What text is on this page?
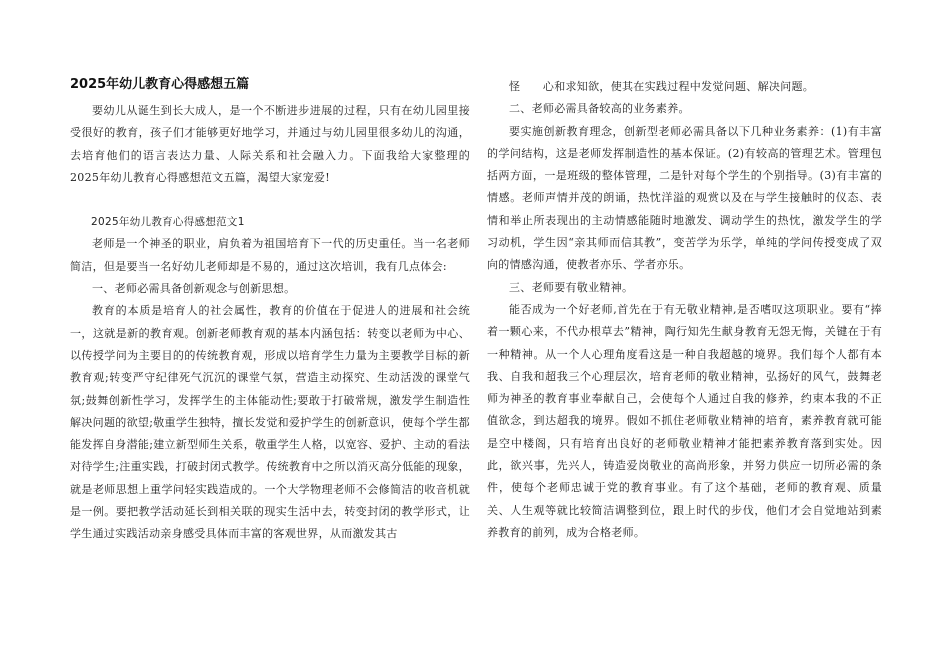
2025年幼儿教育心得感想五篇

要幼儿从诞生到长大成人，是一个不断进步进展的过程，只有在幼儿园里接受很好的教育，孩子们才能够更好地学习，并通过与幼儿园里很多幼儿的沟通，去培育他们的语言表达力量、人际关系和社会融入力。下面我给大家整理的2025年幼儿教育心得感想范文五篇，渴望大家宠爱!

2025年幼儿教育心得感想范文1

老师是一个神圣的职业，肩负着为祖国培育下一代的历史重任。当一名老师简洁，但是要当一名好幼儿老师却是不易的，通过这次培训，我有几点体会:

一、老师必需具备创新观念与创新思想。

教育的本质是培育人的社会属性，教育的价值在于促进人的进展和社会统一，这就是新的教育观。创新老师教育观的基本内涵包括：转变以老师为中心、以传授学问为主要目的的传统教育观，形成以培育学生力量为主要教学目标的新教育观;转变严守纪律死气沉沉的课堂气氛，营造主动探究、生动活泼的课堂气氛;鼓舞创新性学习，发挥学生的主体能动性;要敢于打破常规，激发学生制造性解决问题的欲望;敬重学生独特，擅长发觉和爱护学生的创新意识，使每个学生都能发挥自身潜能;建立新型师生关系，敬重学生人格，以宽容、爱护、主动的看法对待学生;注重实践，打破封闭式教学。传统教育中之所以消灭高分低能的现象，就是老师思想上重学问轻实践造成的。一个大学物理老师不会修简洁的收音机就是一例。要把教学活动延长到相关联的现实生活中去，转变封闭的教学形式，让学生通过实践活动亲身感受具体而丰富的客观世界，从而激发其古

怪　　心和求知欲，使其在实践过程中发觉问题、解决问题。

二、老师必需具备较高的业务素养。

要实施创新教育理念，创新型老师必需具备以下几种业务素养：(1)有丰富的学问结构，这是老师发挥制造性的基本保证。(2)有较高的管理艺术。管理包括两方面，一是班级的整体管理，二是针对每个学生的个别指导。(3)有丰富的情感。老师声情并茂的朗诵，热忱洋溢的观赏以及在与学生接触时的仪态、表情和举止所表现出的主动情感能随时地激发、调动学生的热忱，激发学生的学习动机，学生因“亲其师而信其教”，变苦学为乐学，单纯的学问传授变成了双向的情感沟通，使教者亦乐、学者亦乐。

三、老师要有敬业精神。

能否成为一个好老师,首先在于有无敬业精神,是否嗜叹这项职业。要有“捧着一颗心来，不代办根草去”精神，陶行知先生献身教育无怨无悔，关键在于有一种精神。从一个人心理角度看这是一种自我超越的境界。我们每个人都有本我、自我和超我三个心理层次，培育老师的敬业精神，弘扬好的风气，鼓舞老师为神圣的教育事业奉献自己，会使每个人通过自我的修养，约束本我的不正值欲念，到达超我的境界。假如不抓住老师敬业精神的培育，素养教育就可能是空中楼阁，只有培育出良好的老师敬业精神才能把素养教育落到实处。因此，欲兴事，先兴人，铸造爱岗敬业的高尚形象，并努力供应一切所必需的条件，使每个老师忠诚于党的教育事业。有了这个基础，老师的教育观、质量关、人生观等就比较简洁调整到位，跟上时代的步伐，他们才会自觉地站到素养教育的前列，成为合格老师。
